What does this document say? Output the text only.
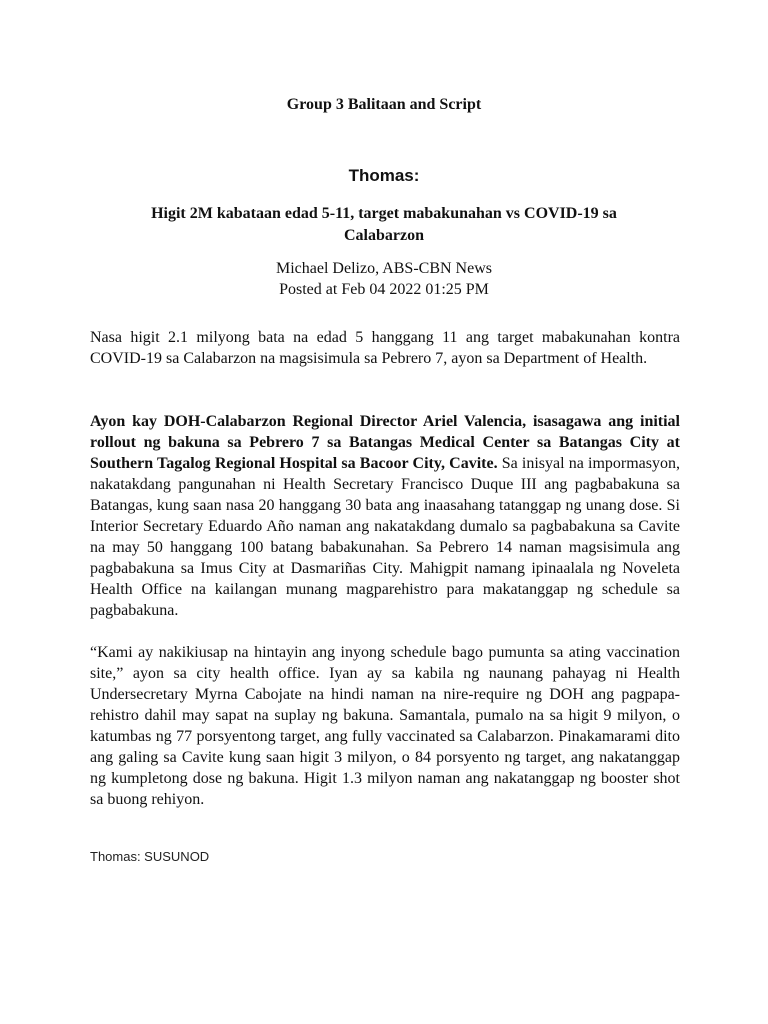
Group 3 Balitaan and Script
Thomas:
Higit 2M kabataan edad 5-11, target mabakunahan vs COVID-19 sa Calabarzon
Michael Delizo, ABS-CBN News
Posted at Feb 04 2022 01:25 PM

Nasa higit 2.1 milyong bata na edad 5 hanggang 11 ang target mabakunahan kontra COVID-19 sa Calabarzon na magsisimula sa Pebrero 7, ayon sa Department of Health.

Ayon kay DOH-Calabarzon Regional Director Ariel Valencia, isasagawa ang initial rollout ng bakuna sa Pebrero 7 sa Batangas Medical Center sa Batangas City at Southern Tagalog Regional Hospital sa Bacoor City, Cavite. Sa inisyal na impormasyon, nakatakdang pangunahan ni Health Secretary Francisco Duque III ang pagbabakuna sa Batangas, kung saan nasa 20 hanggang 30 bata ang inaasahang tatanggap ng unang dose. Si Interior Secretary Eduardo Año naman ang nakatakdang dumalo sa pagbabakuna sa Cavite na may 50 hanggang 100 batang babakunahan. Sa Pebrero 14 naman magsisimula ang pagbabakuna sa Imus City at Dasmariñas City. Mahigpit namang ipinaalala ng Noveleta Health Office na kailangan munang magparehistro para makatanggap ng schedule sa pagbabakuna.

“Kami ay nakikiusap na hintayin ang inyong schedule bago pumunta sa ating vaccination site,” ayon sa city health office. Iyan ay sa kabila ng naunang pahayag ni Health Undersecretary Myrna Cabojate na hindi naman na nire-require ng DOH ang pagpapa-rehistro dahil may sapat na suplay ng bakuna. Samantala, pumalo na sa higit 9 milyon, o katumbas ng 77 porsyentong target, ang fully vaccinated sa Calabarzon. Pinakamarami dito ang galing sa Cavite kung saan higit 3 milyon, o 84 porsyento ng target, ang nakatanggap ng kumpletong dose ng bakuna. Higit 1.3 milyon naman ang nakatanggap ng booster shot sa buong rehiyon.

Thomas: SUSUNOD
